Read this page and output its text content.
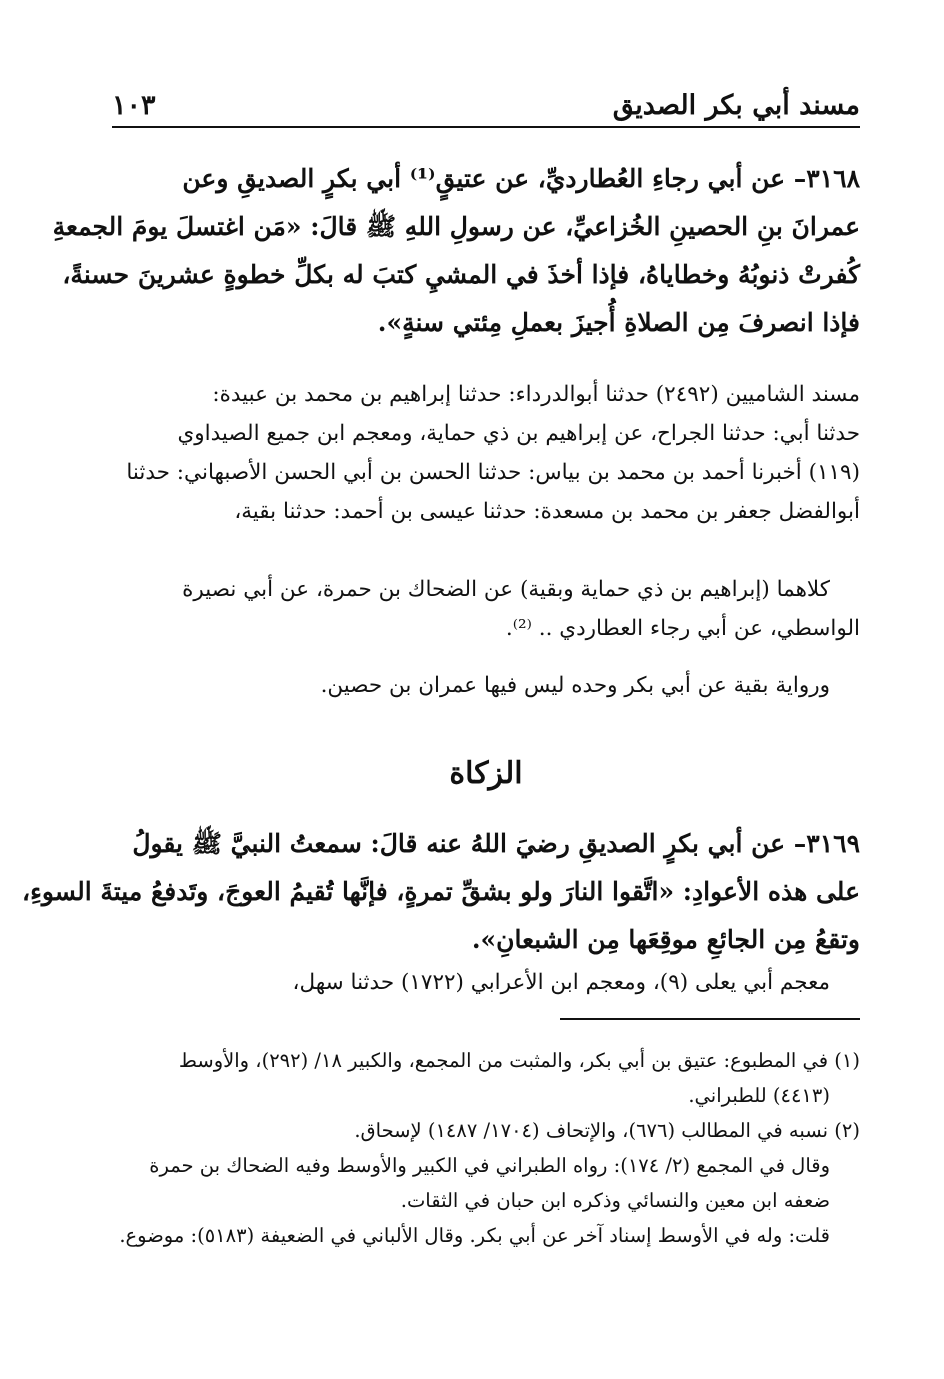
مسند أبي بكر الصديق
١٠٣
٣١٦٨– عن أبي رجاءِ العُطارديِّ، عن عتيقٍ⁽¹⁾ أبي بكرٍ الصديقِ وعن
عمرانَ بنِ الحصينِ الخُزاعيِّ، عن رسولِ اللهِ ﷺ قالَ: «مَن اغتسلَ يومَ الجمعةِ
كُفرتْ ذنوبُهُ وخطاياهُ، فإذا أخذَ في المشيِ كتبَ له بكلِّ خطوةٍ عشرينَ حسنةً،
فإذا انصرفَ مِن الصلاةِ أُجيزَ بعملِ مِئتي سنةٍ».
مسند الشاميين (٢٤٩٢) حدثنا أبوالدرداء: حدثنا إبراهيم بن محمد بن عبيدة:
حدثنا أبي: حدثنا الجراح، عن إبراهيم بن ذي حماية، ومعجم ابن جميع الصيداوي
(١١٩) أخبرنا أحمد بن محمد بن بياس: حدثنا الحسن بن أبي الحسن الأصبهاني: حدثنا
أبوالفضل جعفر بن محمد بن مسعدة: حدثنا عيسى بن أحمد: حدثنا بقية،
كلاهما (إبراهيم بن ذي حماية وبقية) عن الضحاك بن حمرة، عن أبي نصيرة
الواسطي، عن أبي رجاء العطاردي .. ⁽²⁾.
ورواية بقية عن أبي بكر وحده ليس فيها عمران بن حصين.
الزكاة
٣١٦٩– عن أبي بكرٍ الصديقِ رضيَ اللهُ عنه قالَ: سمعتُ النبيَّ ﷺ يقولُ
على هذه الأعوادِ: «اتَّقوا النارَ ولو بشقِّ تمرةٍ، فإنَّها تُقيمُ العوجَ، وتَدفعُ ميتةَ السوءِ،
وتقعُ مِن الجائعِ موقِعَها مِن الشبعانِ».
معجم أبي يعلى (٩)، ومعجم ابن الأعرابي (١٧٢٢) حدثنا سهل،
(١) في المطبوع: عتيق بن أبي بكر، والمثبت من المجمع، والكبير ١٨/ (٢٩٢)، والأوسط
(٤٤١٣) للطبراني.
(٢) نسبه في المطالب (٦٧٦)، والإتحاف (١٧٠٤/ ١٤٨٧) لإسحاق.
وقال في المجمع (٢/ ١٧٤): رواه الطبراني في الكبير والأوسط وفيه الضحاك بن حمرة
ضعفه ابن معين والنسائي وذكره ابن حبان في الثقات.
قلت: وله في الأوسط إسناد آخر عن أبي بكر. وقال الألباني في الضعيفة (٥١٨٣): موضوع.
